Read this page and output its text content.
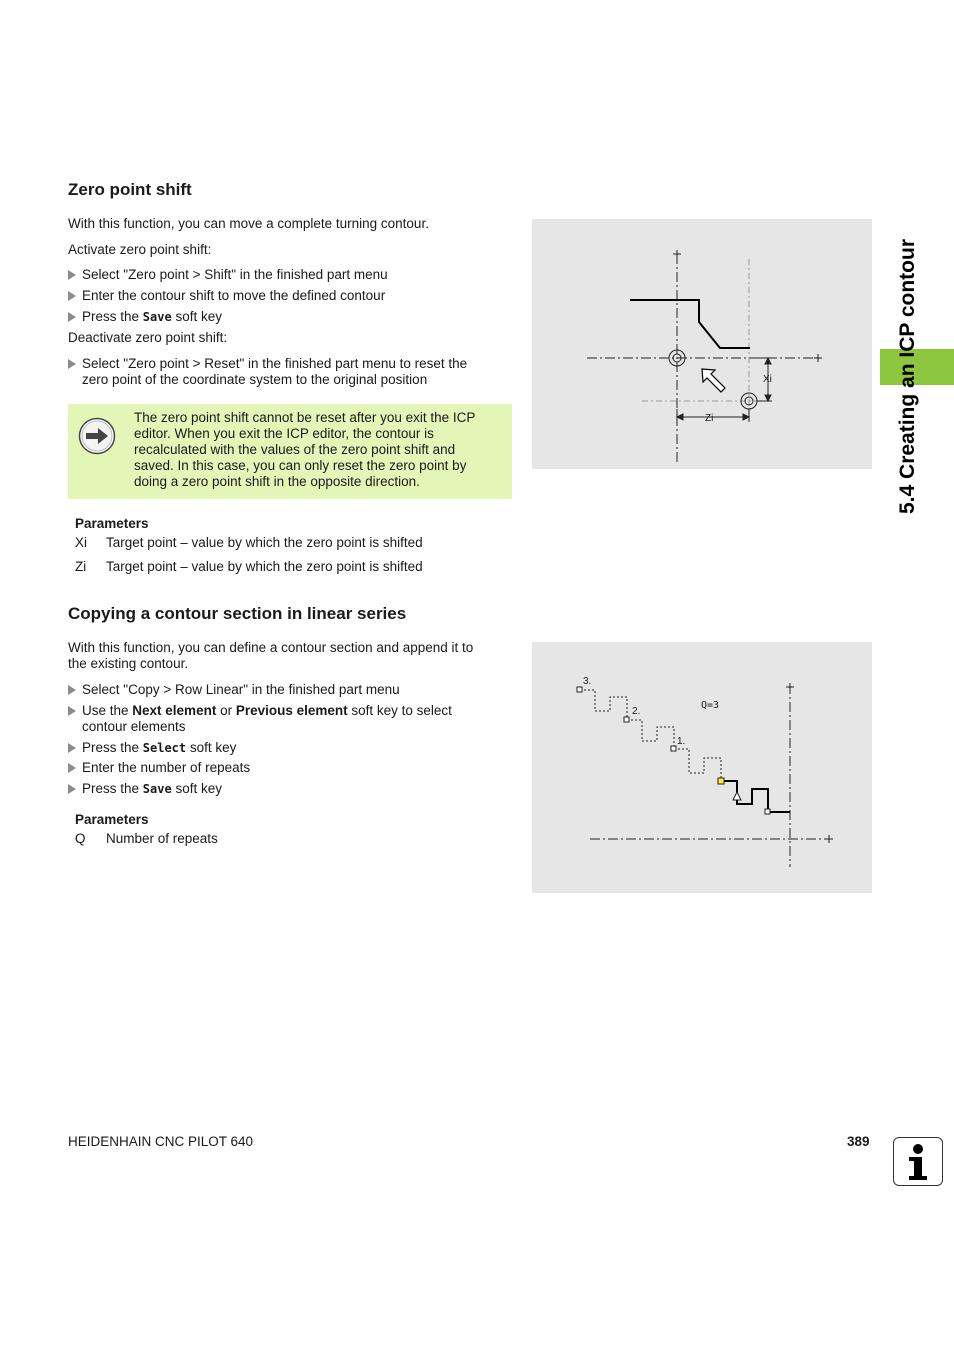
5.4 Creating an ICP contour
Zero point shift
With this function, you can move a complete turning contour.
Activate zero point shift:
Select "Zero point > Shift" in the finished part menu
Enter the contour shift to move the defined contour
Press the Save soft key
Deactivate zero point shift:
Select "Zero point > Reset" in the finished part menu to reset the
zero point of the coordinate system to the original position
The zero point shift cannot be reset after you exit the ICP
editor. When you exit the ICP editor, the contour is
recalculated with the values of the zero point shift and
saved. In this case, you can only reset the zero point by
doing a zero point shift in the opposite direction.
Parameters
Xi Target point – value by which the zero point is shifted
Zi Target point – value by which the zero point is shifted
Xi
Zi
Copying a contour section in linear series
With this function, you can define a contour section and append it to
the existing contour.
Select "Copy > Row Linear" in the finished part menu
Use the Next element or Previous element soft key to select
contour elements
Press the Select soft key
Enter the number of repeats
Press the Save soft key
Parameters
Q Number of repeats
3.
2.
1.
Q=3
HEIDENHAIN CNC PILOT 640	389
